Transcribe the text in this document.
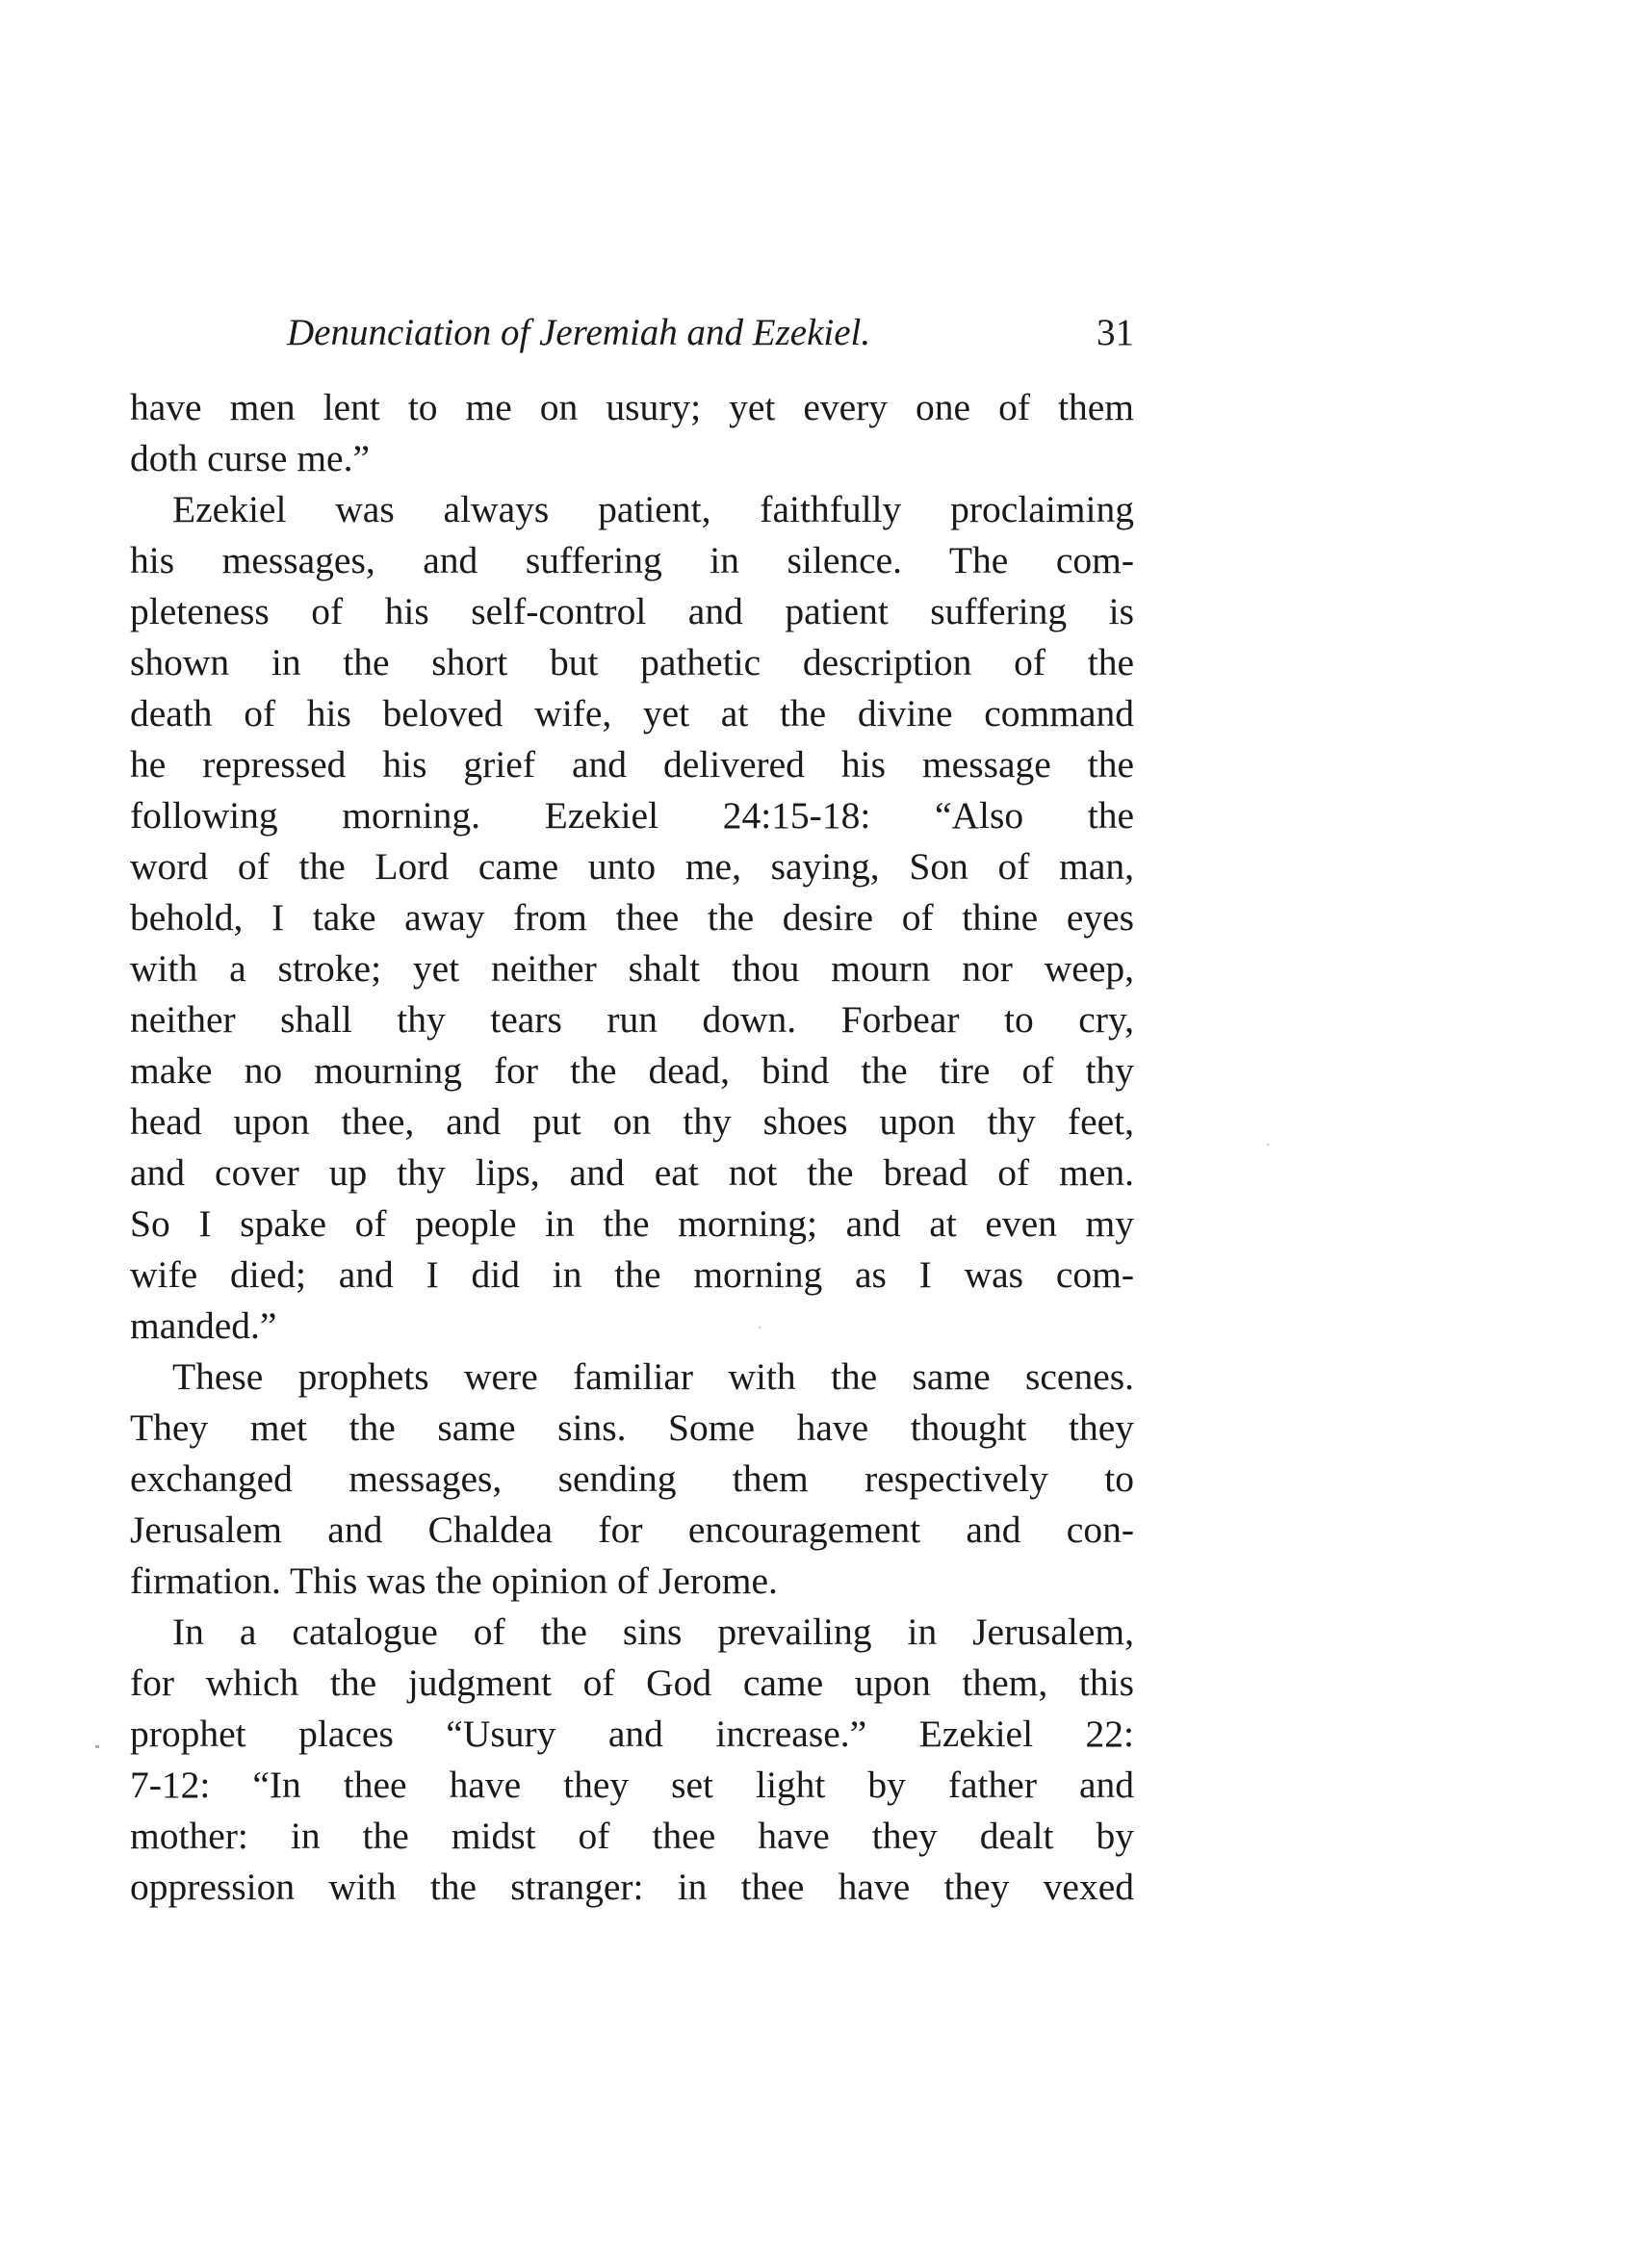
Denunciation of Jeremiah and Ezekiel.	31
have men lent to me on usury; yet every one of them
doth curse me.”
Ezekiel was always patient, faithfully proclaiming
his messages, and suffering in silence. The com-
pleteness of his self-control and patient suffering is
shown in the short but pathetic description of the
death of his beloved wife, yet at the divine command
he repressed his grief and delivered his message the
following morning. Ezekiel 24:15-18: “Also the
word of the Lord came unto me, saying, Son of man,
behold, I take away from thee the desire of thine eyes
with a stroke; yet neither shalt thou mourn nor weep,
neither shall thy tears run down. Forbear to cry,
make no mourning for the dead, bind the tire of thy
head upon thee, and put on thy shoes upon thy feet,
and cover up thy lips, and eat not the bread of men.
So I spake of people in the morning; and at even my
wife died; and I did in the morning as I was com-
manded.”
These prophets were familiar with the same scenes.
They met the same sins. Some have thought they
exchanged messages, sending them respectively to
Jerusalem and Chaldea for encouragement and con-
firmation. This was the opinion of Jerome.
In a catalogue of the sins prevailing in Jerusalem,
for which the judgment of God came upon them, this
prophet places “Usury and increase.” Ezekiel 22:
7-12: “In thee have they set light by father and
mother: in the midst of thee have they dealt by
oppression with the stranger: in thee have they vexed
